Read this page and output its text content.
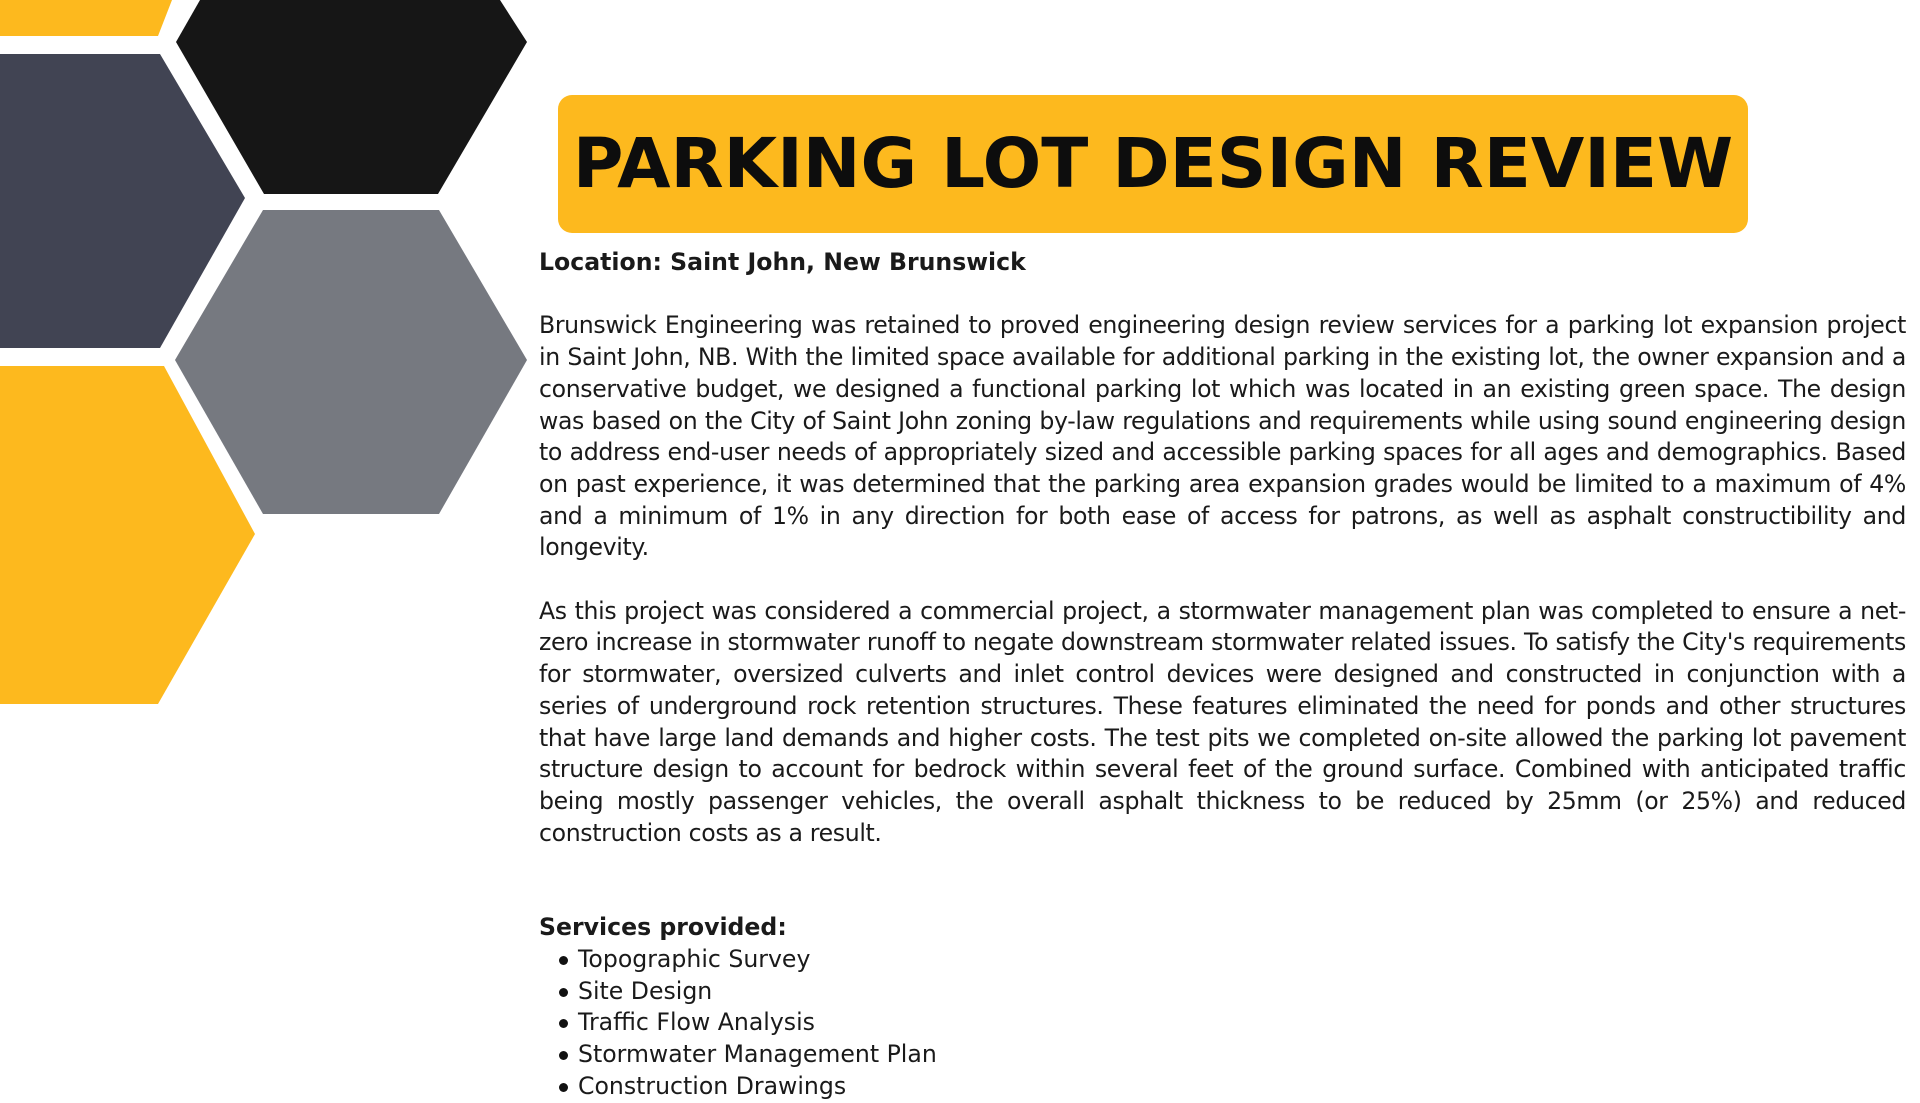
PARKING LOT DESIGN REVIEW

Location: Saint John, New Brunswick

Brunswick Engineering was retained to proved engineering design review services for a parking lot expansion project in Saint John, NB. With the limited space available for additional parking in the existing lot, the owner expansion and a conservative budget, we designed a functional parking lot which was located in an existing green space. The design was based on the City of Saint John zoning by-law regulations and requirements while using sound engineering design to address end-user needs of appropriately sized and accessible parking spaces for all ages and demographics. Based on past experience, it was determined that the parking area expansion grades would be limited to a maximum of 4% and a minimum of 1% in any direction for both ease of access for patrons, as well as asphalt constructibility and longevity.

As this project was considered a commercial project, a stormwater management plan was completed to ensure a net-zero increase in stormwater runoff to negate downstream stormwater related issues. To satisfy the City's requirements for stormwater, oversized culverts and inlet control devices were designed and constructed in conjunction with a series of underground rock retention structures. These features eliminated the need for ponds and other structures that have large land demands and higher costs. The test pits we completed on-site allowed the parking lot pavement structure design to account for bedrock within several feet of the ground surface. Combined with anticipated traffic being mostly passenger vehicles, the overall asphalt thickness to be reduced by 25mm (or 25%) and reduced construction costs as a result.

Services provided:

Topographic Survey
Site Design
Traffic Flow Analysis
Stormwater Management Plan
Construction Drawings
